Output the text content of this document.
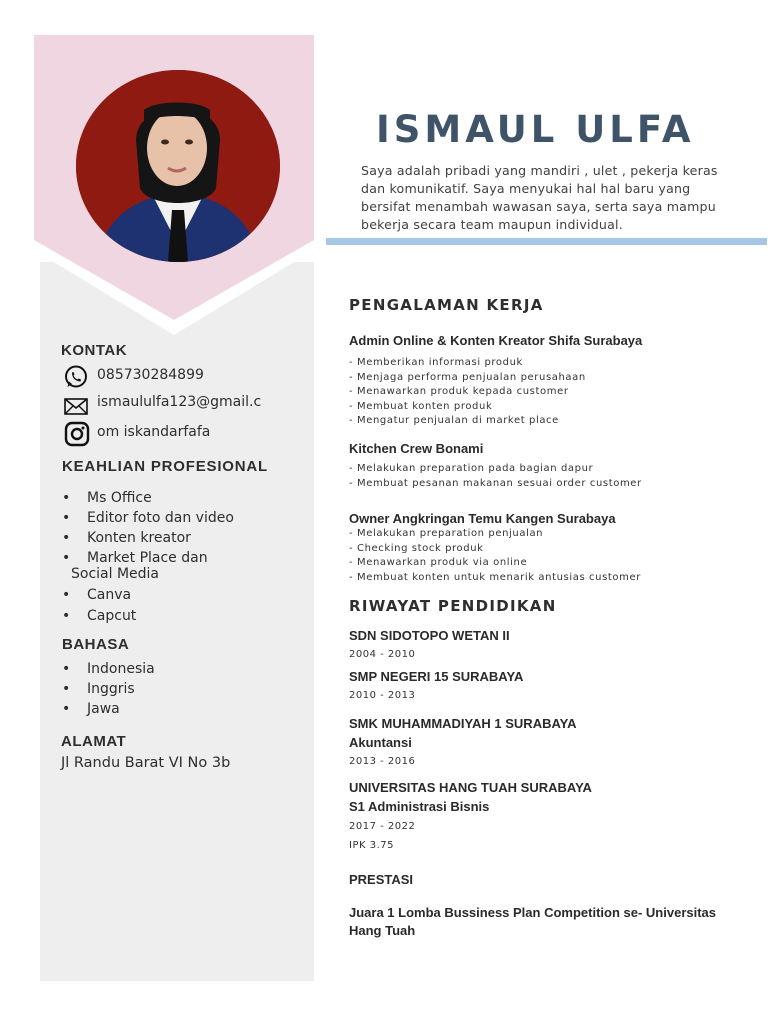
ISMAUL ULFA
Saya adalah pribadi yang mandiri , ulet , pekerja keras dan komunikatif. Saya menyukai hal hal baru yang bersifat menambah wawasan saya, serta saya mampu bekerja secara team maupun individual.
KONTAK
085730284899
ismaululfa123@gmail.c
om iskandarfafa
KEAHLIAN PROFESIONAL
• Ms Office
• Editor foto dan video
• Konten kreator
• Market Place dan
Social Media
• Canva
• Capcut
BAHASA
• Indonesia
• Inggris
• Jawa
ALAMAT
Jl Randu Barat VI No 3b
PENGALAMAN KERJA
Admin Online & Konten Kreator Shifa Surabaya
- Memberikan informasi produk
- Menjaga performa penjualan perusahaan
- Menawarkan produk kepada customer
- Membuat konten produk
- Mengatur penjualan di market place
Kitchen Crew Bonami
- Melakukan preparation pada bagian dapur
- Membuat pesanan makanan sesuai order customer
Owner Angkringan Temu Kangen Surabaya
- Melakukan preparation penjualan
- Checking stock produk
- Menawarkan produk via online
- Membuat konten untuk menarik antusias customer
RIWAYAT PENDIDIKAN
SDN SIDOTOPO WETAN II
2004 - 2010
SMP NEGERI 15 SURABAYA
2010 - 2013
SMK MUHAMMADIYAH 1 SURABAYA
Akuntansi
2013 - 2016
UNIVERSITAS HANG TUAH SURABAYA
S1 Administrasi Bisnis
2017 - 2022
IPK 3.75
PRESTASI
Juara 1 Lomba Bussiness Plan Competition se- Universitas
Hang Tuah
